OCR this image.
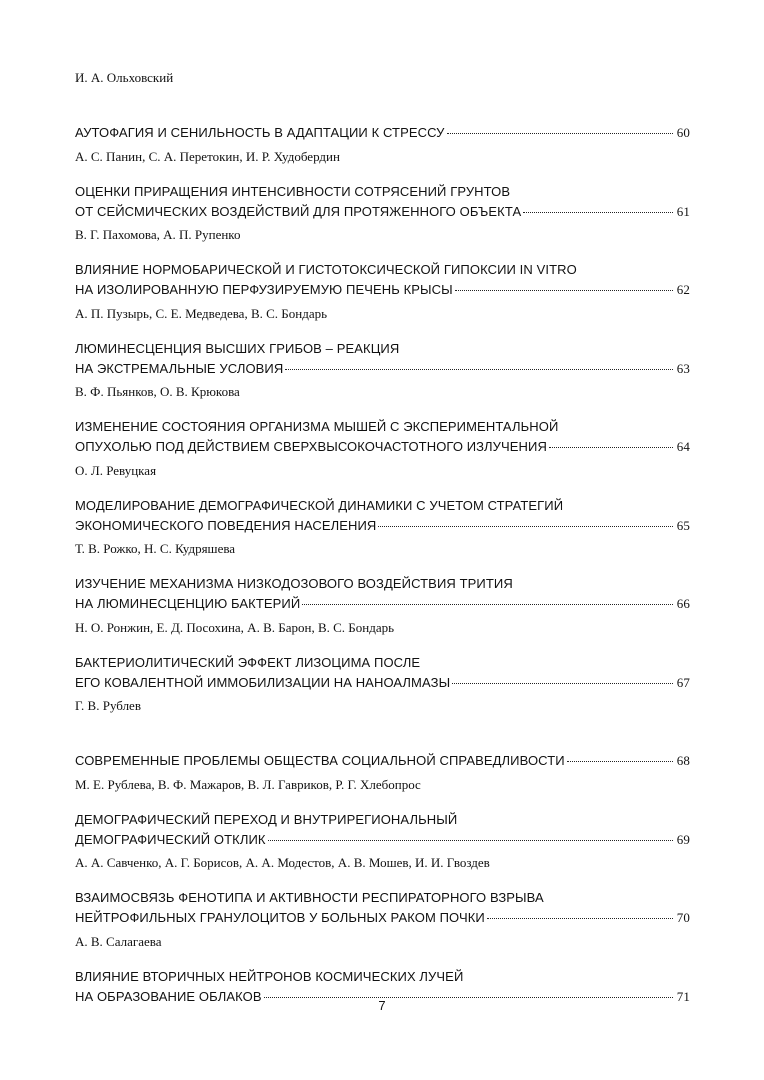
И. А. Ольховский
АУТОФАГИЯ И СЕНИЛЬНОСТЬ В АДАПТАЦИИ К СТРЕССУ	60
А. С. Панин, С. А. Перетокин, И. Р. Худобердин
ОЦЕНКИ ПРИРАЩЕНИЯ ИНТЕНСИВНОСТИ СОТРЯСЕНИЙ ГРУНТОВ
ОТ СЕЙСМИЧЕСКИХ ВОЗДЕЙСТВИЙ ДЛЯ ПРОТЯЖЕННОГО ОБЪЕКТА	61
В. Г. Пахомова, А. П. Рупенко
ВЛИЯНИЕ НОРМОБАРИЧЕСКОЙ И ГИСТОТОКСИЧЕСКОЙ ГИПОКСИИ IN VITRO
НА ИЗОЛИРОВАННУЮ ПЕРФУЗИРУЕМУЮ ПЕЧЕНЬ КРЫСЫ	62
А. П. Пузырь, С. Е. Медведева, В. С. Бондарь
ЛЮМИНЕСЦЕНЦИЯ ВЫСШИХ ГРИБОВ – РЕАКЦИЯ
НА ЭКСТРЕМАЛЬНЫЕ УСЛОВИЯ	63
В. Ф. Пьянков, О. В. Крюкова
ИЗМЕНЕНИЕ СОСТОЯНИЯ ОРГАНИЗМА МЫШЕЙ С ЭКСПЕРИМЕНТАЛЬНОЙ
ОПУХОЛЬЮ ПОД ДЕЙСТВИЕМ СВЕРХВЫСОКОЧАСТОТНОГО ИЗЛУЧЕНИЯ	64
О. Л. Ревуцкая
МОДЕЛИРОВАНИЕ ДЕМОГРАФИЧЕСКОЙ ДИНАМИКИ С УЧЕТОМ СТРАТЕГИЙ
ЭКОНОМИЧЕСКОГО ПОВЕДЕНИЯ НАСЕЛЕНИЯ	65
Т. В. Рожко, Н. С. Кудряшева
ИЗУЧЕНИЕ МЕХАНИЗМА НИЗКОДОЗОВОГО ВОЗДЕЙСТВИЯ ТРИТИЯ
НА ЛЮМИНЕСЦЕНЦИЮ БАКТЕРИЙ	66
Н. О. Ронжин, Е. Д. Посохина, А. В. Барон, В. С. Бондарь
БАКТЕРИОЛИТИЧЕСКИЙ ЭФФЕКТ ЛИЗОЦИМА ПОСЛЕ
ЕГО КОВАЛЕНТНОЙ ИММОБИЛИЗАЦИИ НА НАНОАЛМАЗЫ	67
Г. В. Рублев
СОВРЕМЕННЫЕ ПРОБЛЕМЫ ОБЩЕСТВА СОЦИАЛЬНОЙ СПРАВЕДЛИВОСТИ	68
М. Е. Рублева, В. Ф. Мажаров, В. Л. Гавриков, Р. Г. Хлебопрос
ДЕМОГРАФИЧЕСКИЙ ПЕРЕХОД И ВНУТРИРЕГИОНАЛЬНЫЙ
ДЕМОГРАФИЧЕСКИЙ ОТКЛИК	69
А. А. Савченко, А. Г. Борисов, А. А. Модестов, А. В. Мошев, И. И. Гвоздев
ВЗАИМОСВЯЗЬ ФЕНОТИПА И АКТИВНОСТИ РЕСПИРАТОРНОГО ВЗРЫВА
НЕЙТРОФИЛЬНЫХ ГРАНУЛОЦИТОВ У БОЛЬНЫХ РАКОМ ПОЧКИ	70
А. В. Салагаева
ВЛИЯНИЕ ВТОРИЧНЫХ НЕЙТРОНОВ КОСМИЧЕСКИХ ЛУЧЕЙ
НА ОБРАЗОВАНИЕ ОБЛАКОВ	71
7
